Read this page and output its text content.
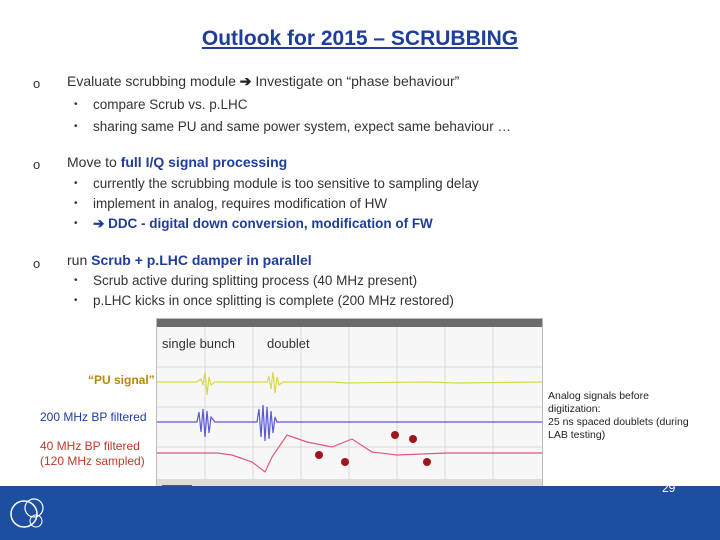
Outlook for 2015 – SCRUBBING
o Evaluate scrubbing module ➔ Investigate on “phase behaviour”
• compare Scrub vs. p.LHC
• sharing same PU and same power system, expect same behaviour …
o Move to full I/Q signal processing
• currently the scrubbing module is too sensitive to sampling delay
• implement in analog, requires modification of HW
• ➔ DDC - digital down conversion, modification of FW
o run Scrub + p.LHC damper in parallel
• Scrub active during splitting process (40 MHz present)
• p.LHC kicks in once splitting is complete (200 MHz restored)
single bunch doublet
“PU signal”
200 MHz BP filtered
40 MHz BP filtered
(120 MHz sampled)
Analog signals before
digitization:
25 ns spaced doublets (during
LAB testing)
29
